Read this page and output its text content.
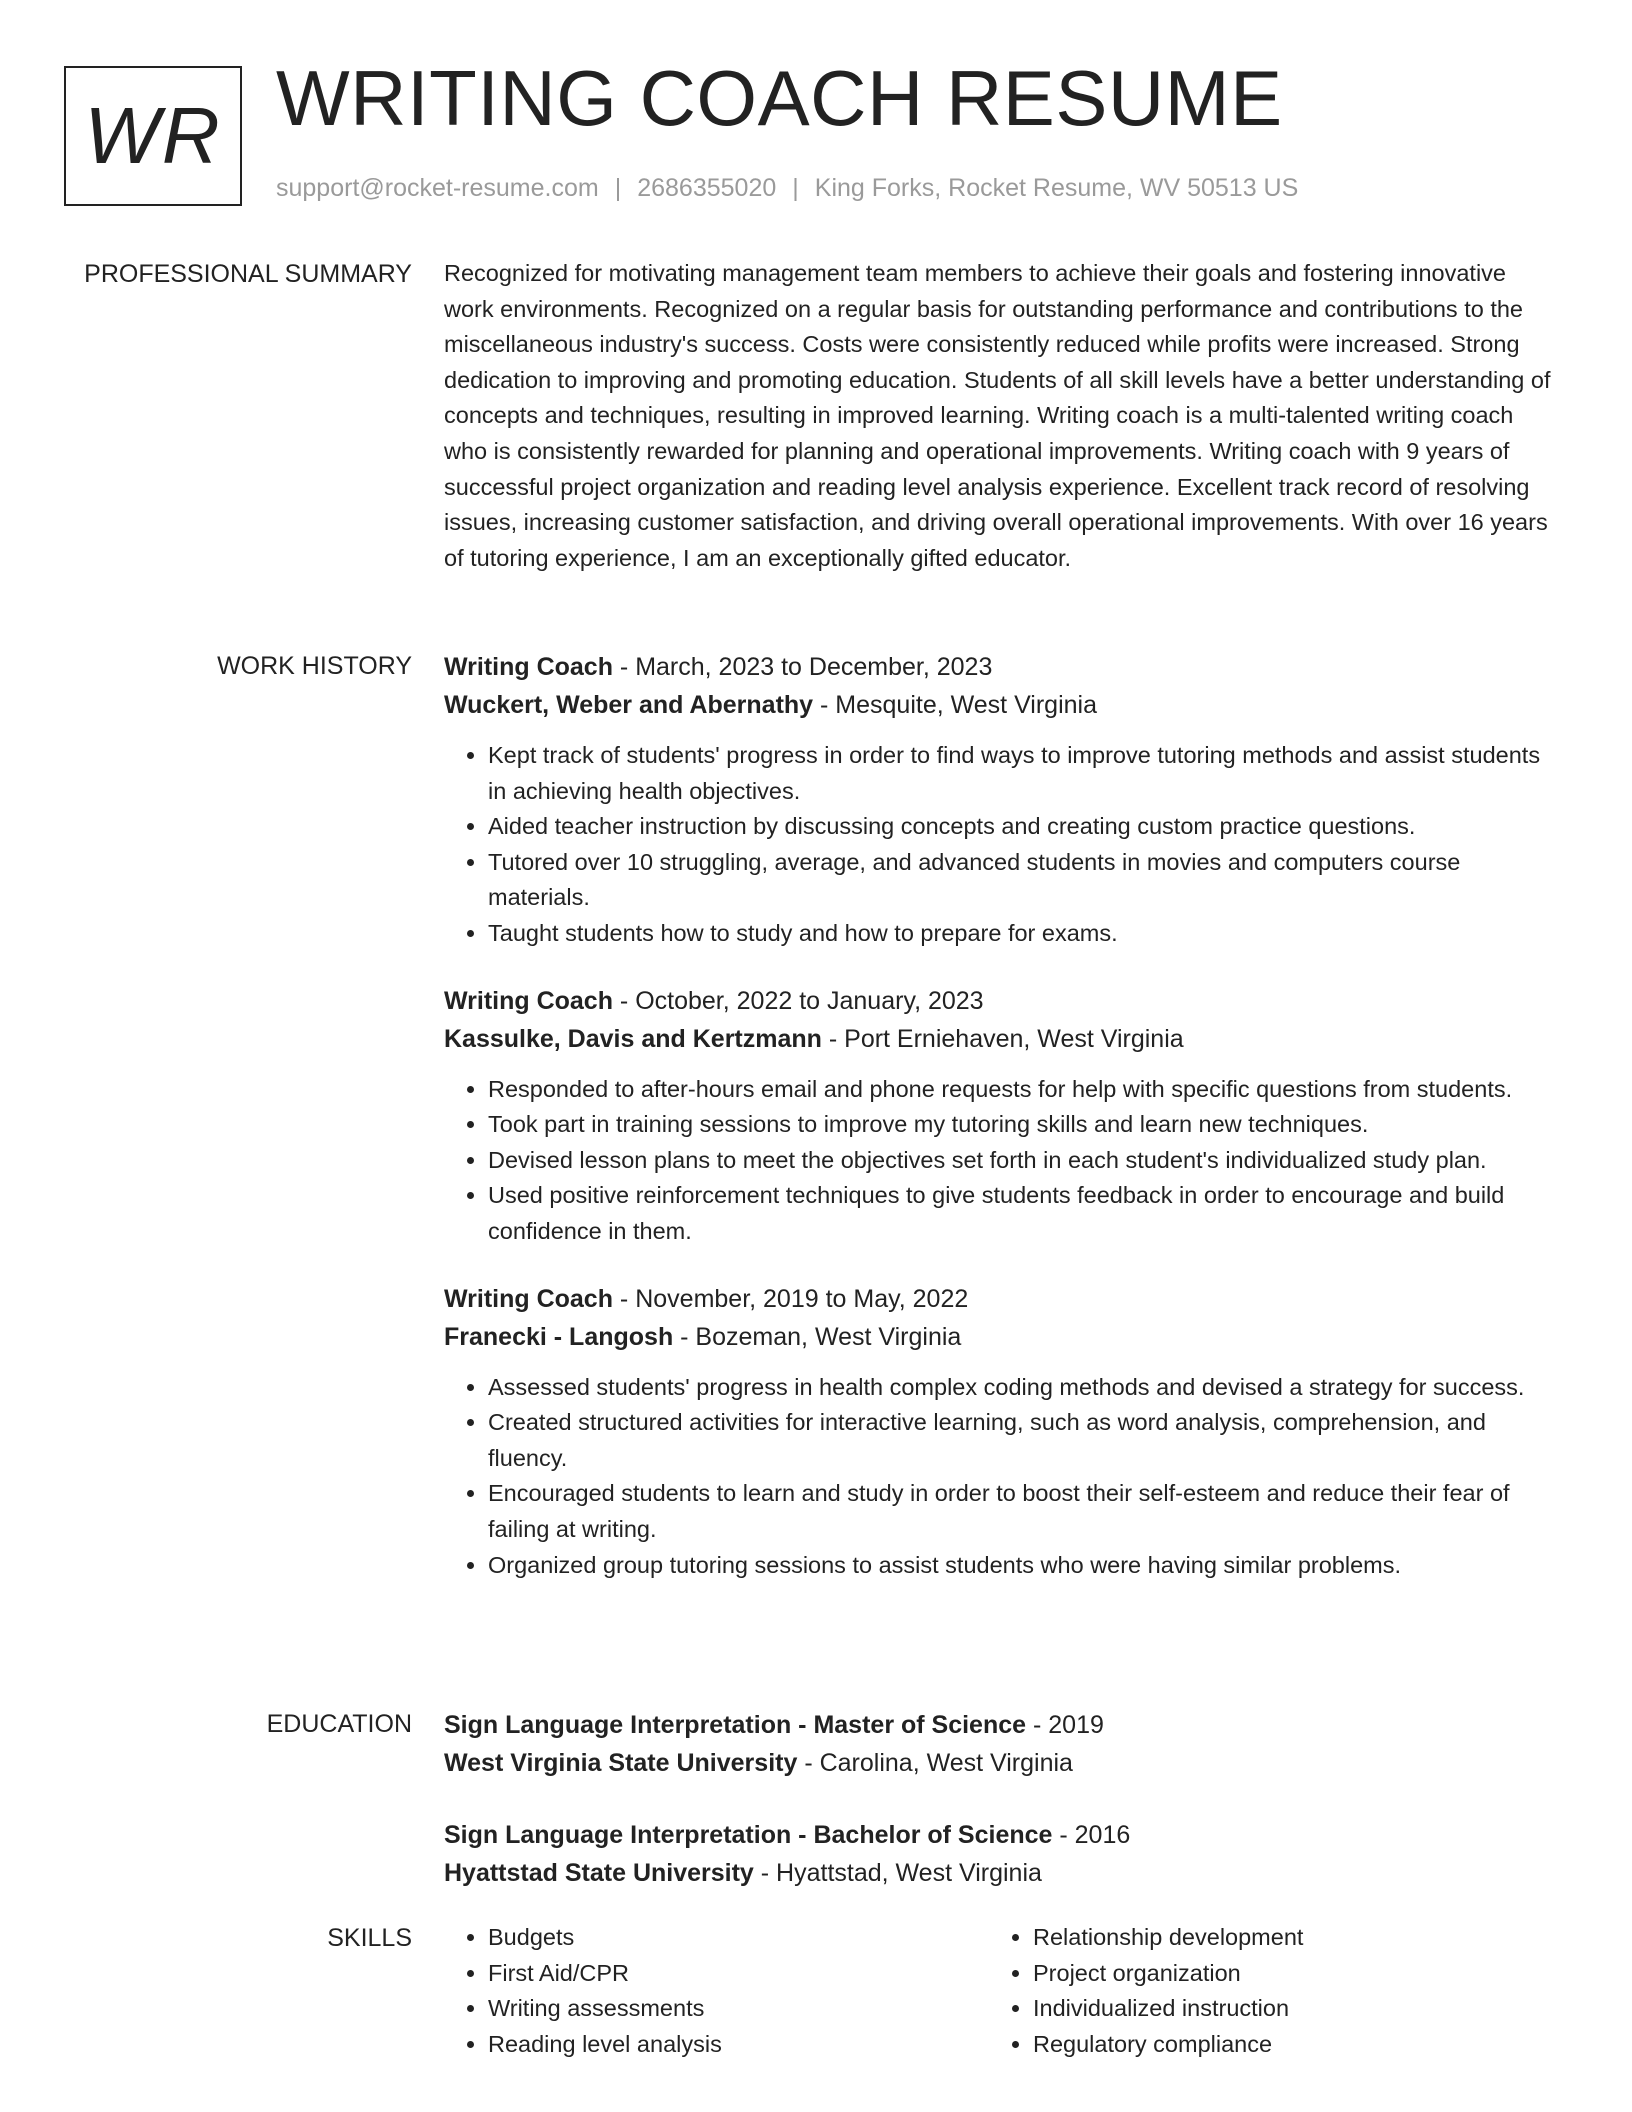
WR WRITING COACH RESUME
support@rocket-resume.com | 2686355020 | King Forks, Rocket Resume, WV 50513 US
PROFESSIONAL SUMMARY Recognized for motivating management team members to achieve their goals and fostering innovative work environments. Recognized on a regular basis for outstanding performance and contributions to the miscellaneous industry's success. Costs were consistently reduced while profits were increased. Strong dedication to improving and promoting education. Students of all skill levels have a better understanding of concepts and techniques, resulting in improved learning. Writing coach is a multi-talented writing coach who is consistently rewarded for planning and operational improvements. Writing coach with 9 years of successful project organization and reading level analysis experience. Excellent track record of resolving issues, increasing customer satisfaction, and driving overall operational improvements. With over 16 years of tutoring experience, I am an exceptionally gifted educator.

WORK HISTORY Writing Coach - March, 2023 to December, 2023
Wuckert, Weber and Abernathy - Mesquite, West Virginia
• Kept track of students' progress in order to find ways to improve tutoring methods and assist students in achieving health objectives.
• Aided teacher instruction by discussing concepts and creating custom practice questions.
• Tutored over 10 struggling, average, and advanced students in movies and computers course materials.
• Taught students how to study and how to prepare for exams.
Writing Coach - October, 2022 to January, 2023
Kassulke, Davis and Kertzmann - Port Erniehaven, West Virginia
• Responded to after-hours email and phone requests for help with specific questions from students.
• Took part in training sessions to improve my tutoring skills and learn new techniques.
• Devised lesson plans to meet the objectives set forth in each student's individualized study plan.
• Used positive reinforcement techniques to give students feedback in order to encourage and build confidence in them.
Writing Coach - November, 2019 to May, 2022
Franecki - Langosh - Bozeman, West Virginia
• Assessed students' progress in health complex coding methods and devised a strategy for success.
• Created structured activities for interactive learning, such as word analysis, comprehension, and fluency.
• Encouraged students to learn and study in order to boost their self-esteem and reduce their fear of failing at writing.
• Organized group tutoring sessions to assist students who were having similar problems.
EDUCATION Sign Language Interpretation - Master of Science - 2019
West Virginia State University - Carolina, West Virginia
Sign Language Interpretation - Bachelor of Science - 2016
Hyattstad State University - Hyattstad, West Virginia
SKILLS
•	Budgets
• First Aid/CPR
• Writing assessments
• Reading level analysis
• Relationship development
• Project organization
• Individualized instruction
• Regulatory compliance
